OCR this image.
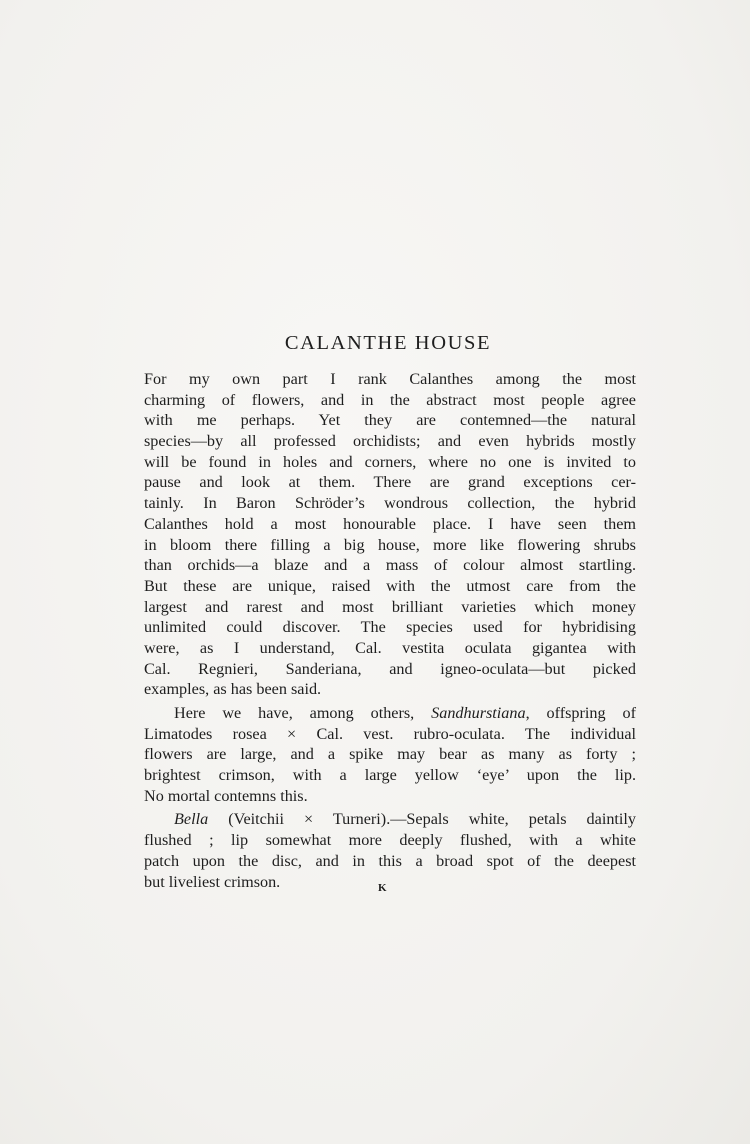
CALANTHE HOUSE
For my own part I rank Calanthes among the most
charming of flowers, and in the abstract most people agree
with me perhaps. Yet they are contemned—the natural
species—by all professed orchidists; and even hybrids mostly
will be found in holes and corners, where no one is invited to
pause and look at them. There are grand exceptions cer-
tainly. In Baron Schröder’s wondrous collection, the hybrid
Calanthes hold a most honourable place. I have seen them
in bloom there filling a big house, more like flowering shrubs
than orchids—a blaze and a mass of colour almost startling.
But these are unique, raised with the utmost care from the
largest and rarest and most brilliant varieties which money
unlimited could discover. The species used for hybridising
were, as I understand, Cal. vestita oculata gigantea with
Cal. Regnieri, Sanderiana, and igneo-oculata—but picked
examples, as has been said.
Here we have, among others, Sandhurstiana, offspring of
Limatodes rosea × Cal. vest. rubro-oculata. The individual
flowers are large, and a spike may bear as many as forty ;
brightest crimson, with a large yellow ‘eye’ upon the lip.
No mortal contemns this.
Bella (Veitchii × Turneri).—Sepals white, petals daintily
flushed ; lip somewhat more deeply flushed, with a white
patch upon the disc, and in this a broad spot of the deepest
but liveliest crimson.	K
